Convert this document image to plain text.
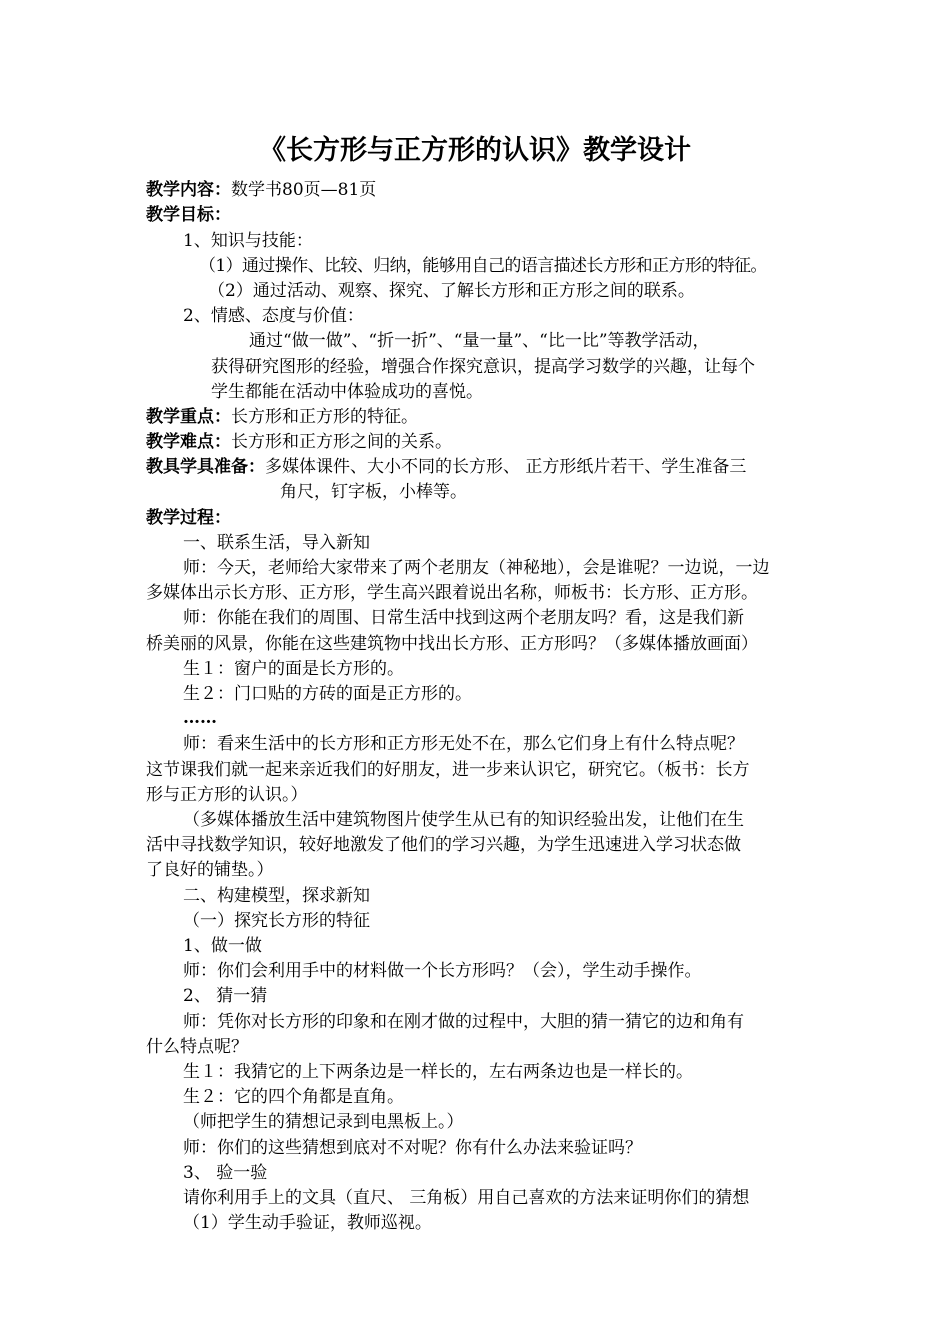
《长方形与正方形的认识》教学设计
教学内容：数学书80页—81页
教学目标：
1、知识与技能：
（1）通过操作、比较、归纳，能够用自己的语言描述长方形和正方形的特征。
（2）通过活动、观察、探究、了解长方形和正方形之间的联系。
2、情感、态度与价值：
通过“做一做”、“折一折”、“量一量”、“比一比”等教学活动，
获得研究图形的经验，增强合作探究意识，提高学习数学的兴趣，让每个
学生都能在活动中体验成功的喜悦。
教学重点：长方形和正方形的特征。
教学难点：长方形和正方形之间的关系。
教具学具准备：多媒体课件、大小不同的长方形、 正方形纸片若干、学生准备三
角尺，钉字板，小棒等。
教学过程：
一、联系生活，导入新知
师：今天，老师给大家带来了两个老朋友（神秘地），会是谁呢？一边说，一边
多媒体出示长方形、正方形，学生高兴跟着说出名称，师板书：长方形、正方形。
师：你能在我们的周围、日常生活中找到这两个老朋友吗？看，这是我们新
桥美丽的风景，你能在这些建筑物中找出长方形、正方形吗？（多媒体播放画面）
生１：窗户的面是长方形的。
生２：门口贴的方砖的面是正方形的。
……
师：看来生活中的长方形和正方形无处不在，那么它们身上有什么特点呢？
这节课我们就一起来亲近我们的好朋友，进一步来认识它，研究它。（板书：长方
形与正方形的认识。）
（多媒体播放生活中建筑物图片使学生从已有的知识经验出发，让他们在生
活中寻找数学知识，较好地激发了他们的学习兴趣，为学生迅速进入学习状态做
了良好的铺垫。）
二、构建模型，探求新知
（一）探究长方形的特征
1、做一做
师：你们会利用手中的材料做一个长方形吗？（会），学生动手操作。
2、 猜一猜
师：凭你对长方形的印象和在刚才做的过程中，大胆的猜一猜它的边和角有
什么特点呢？
生１：我猜它的上下两条边是一样长的，左右两条边也是一样长的。
生２：它的四个角都是直角。
（师把学生的猜想记录到电黑板上。）
师：你们的这些猜想到底对不对呢？你有什么办法来验证吗？
3、 验一验
请你利用手上的文具（直尺、 三角板）用自己喜欢的方法来证明你们的猜想
（1）学生动手验证，教师巡视。
